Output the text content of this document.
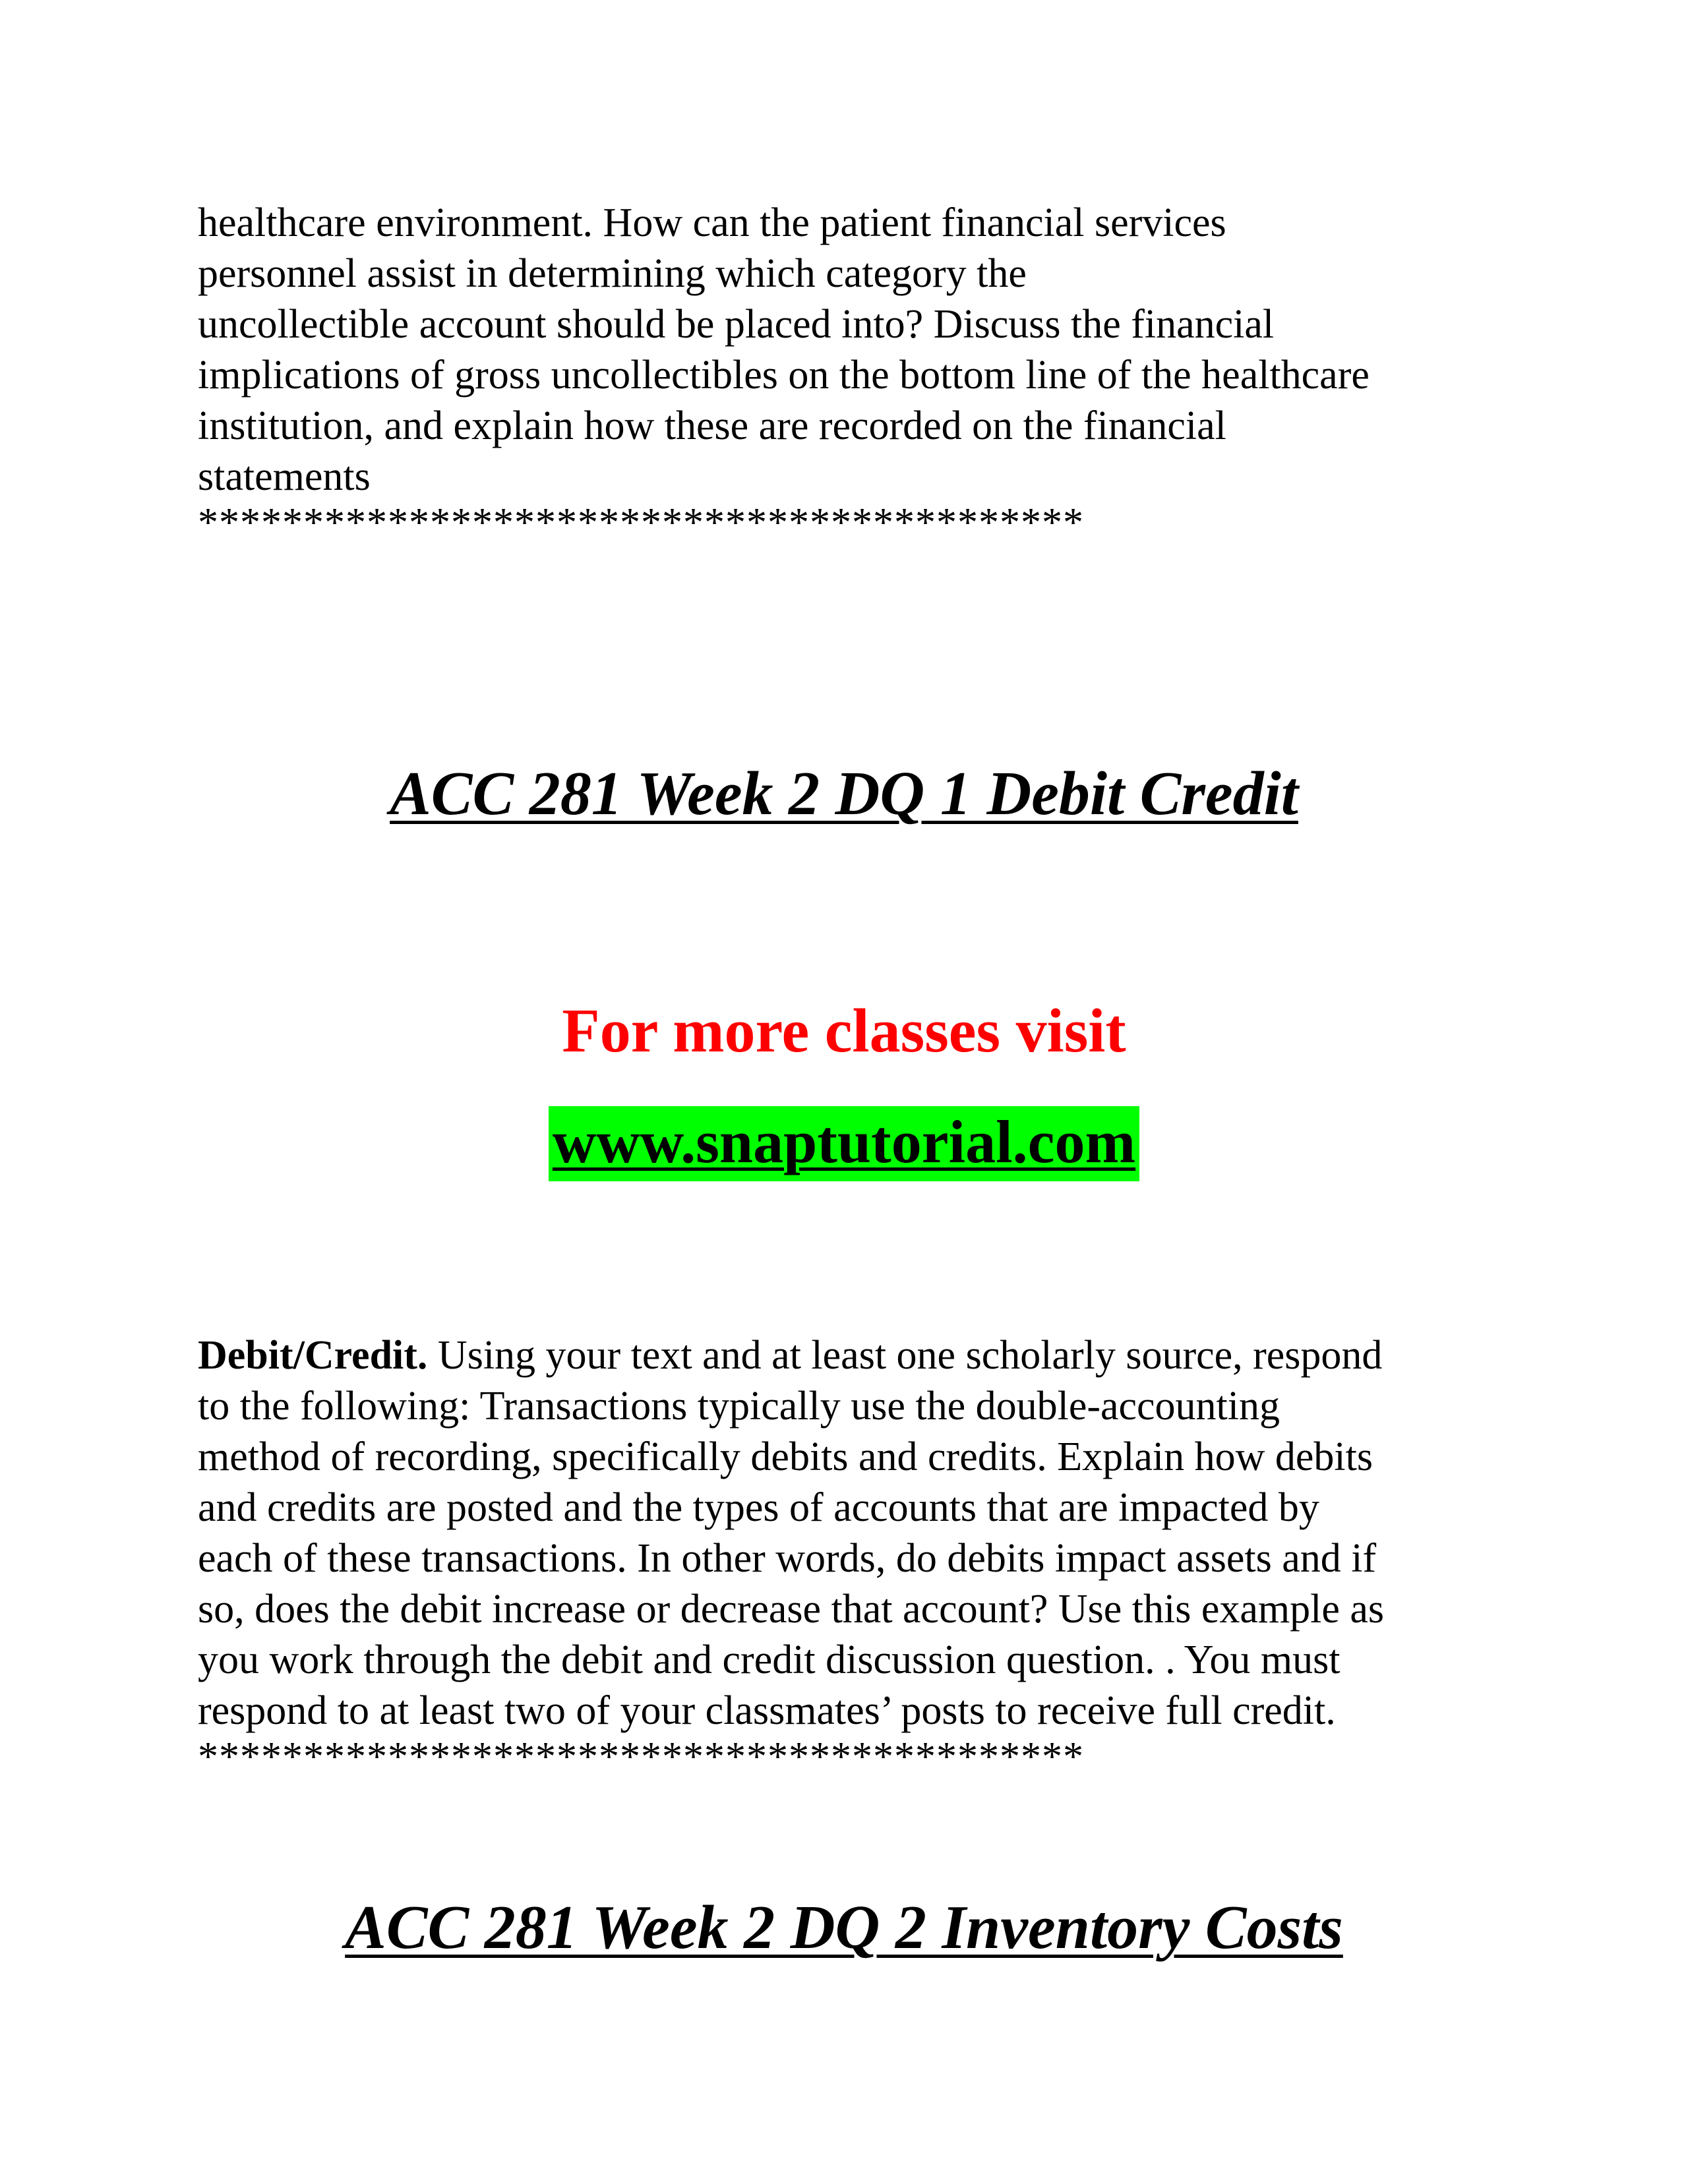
healthcare environment. How can the patient financial services
personnel assist in determining which category the
uncollectible account should be placed into? Discuss the financial
implications of gross uncollectibles on the bottom line of the healthcare
institution, and explain how these are recorded on the financial
statements

******************************************

ACC 281 Week 2 DQ 1 Debit Credit

For more classes visit

www.snaptutorial.com

Debit/Credit. Using your text and at least one scholarly source, respond
to the following: Transactions typically use the double-accounting
method of recording, specifically debits and credits. Explain how debits
and credits are posted and the types of accounts that are impacted by
each of these transactions. In other words, do debits impact assets and if
so, does the debit increase or decrease that account? Use this example as
you work through the debit and credit discussion question. . You must
respond to at least two of your classmates’ posts to receive full credit.

******************************************

ACC 281 Week 2 DQ 2 Inventory Costs
